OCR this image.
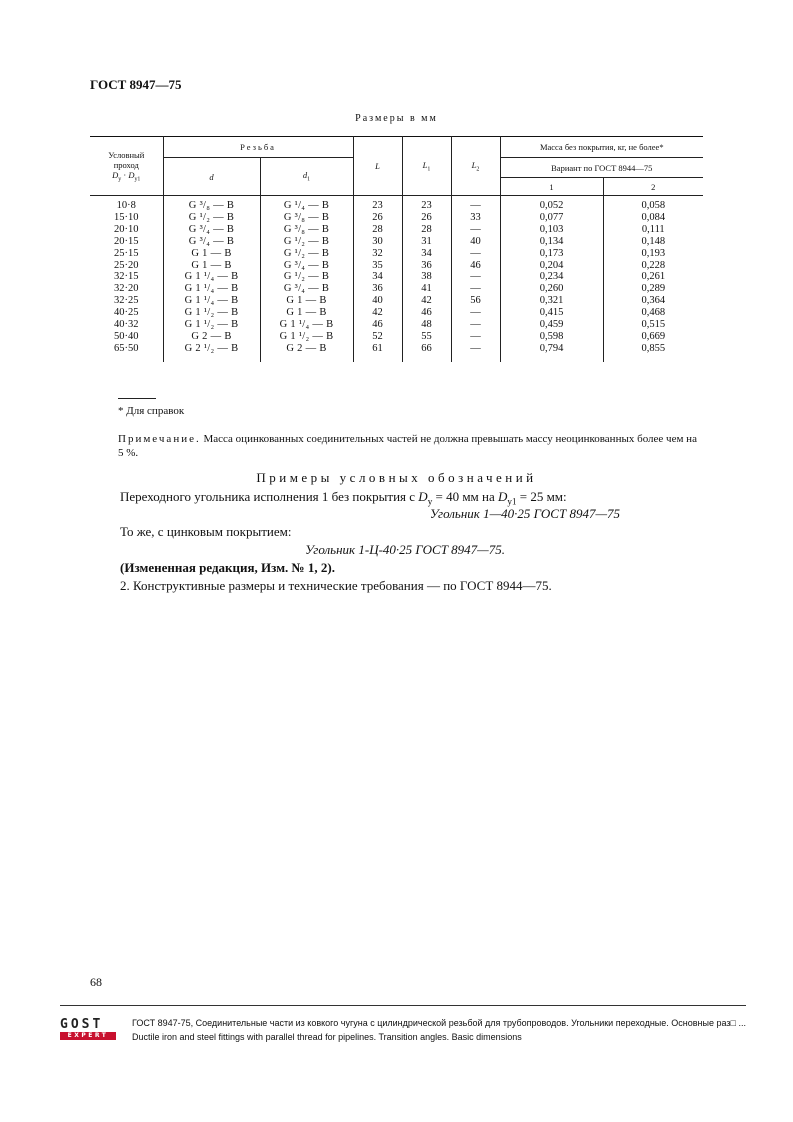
ГОСТ 8947—75
Размеры в мм
Условный
проход
$D_y \cdot D_{y1}$	Резьба		L	$L_1$	$L_2$	Масса без покрытия, кг, не более*	
	d	$d_1$				Вариант по ГОСТ 8944—75	
						1	2
10·8	G ³/₈ — B	G ¹/₄ — B	23	23	—	0,052	0,058
15·10	G ¹/₂ — B	G ³/₈ — B	26	26	33	0,077	0,084
20·10	G ³/₄ — B	G ³/₈ — B	28	28	—	0,103	0,111
20·15	G ³/₄ — B	G ¹/₂ — B	30	31	40	0,134	0,148
25·15	G 1 — B	G ¹/₂ — B	32	34	—	0,173	0,193
25·20	G 1 — B	G ³/₄ — B	35	36	46	0,204	0,228
32·15	G 1 ¹/₄ — B	G ¹/₂ — B	34	38	—	0,234	0,261
32·20	G 1 ¹/₄ — B	G ³/₄ — B	36	41	—	0,260	0,289
32·25	G 1 ¹/₄ — B	G 1 — B	40	42	56	0,321	0,364
40·25	G 1 ¹/₂ — B	G 1 — B	42	46	—	0,415	0,468
40·32	G 1 ¹/₂ — B	G 1 ¹/₄ — B	46	48	—	0,459	0,515
50·40	G 2 — B	G 1 ¹/₂ — B	52	55	—	0,598	0,669
65·50	G 2 ¹/₂ — B	G 2 — B	61	66	—	0,794	0,855
* Для справок
Примечание. Масса оцинкованных соединительных частей не должна превышать массу неоцинкованных более чем на 5 %.
Примеры условных обозначений
Переходного угольника исполнения 1 без покрытия с $D_y = 40$ мм на $D_{y1} = 25$ мм:
Угольник 1—40·25 ГОСТ 8947—75
То же, с цинковым покрытием:
Угольник 1-Ц-40·25 ГОСТ 8947—75.
(Измененная редакция, Изм. № 1, 2).
2. Конструктивные размеры и технические требования — по ГОСТ 8944—75.
68
GOST
EXPERT
ГОСТ 8947-75, Соединительные части из ковкого чугуна с цилиндрической резьбой для трубопроводов. Угольники переходные. Основные раз□ ...
Ductile iron and steel fittings with parallel thread for pipelines. Transition angles. Basic dimensions
